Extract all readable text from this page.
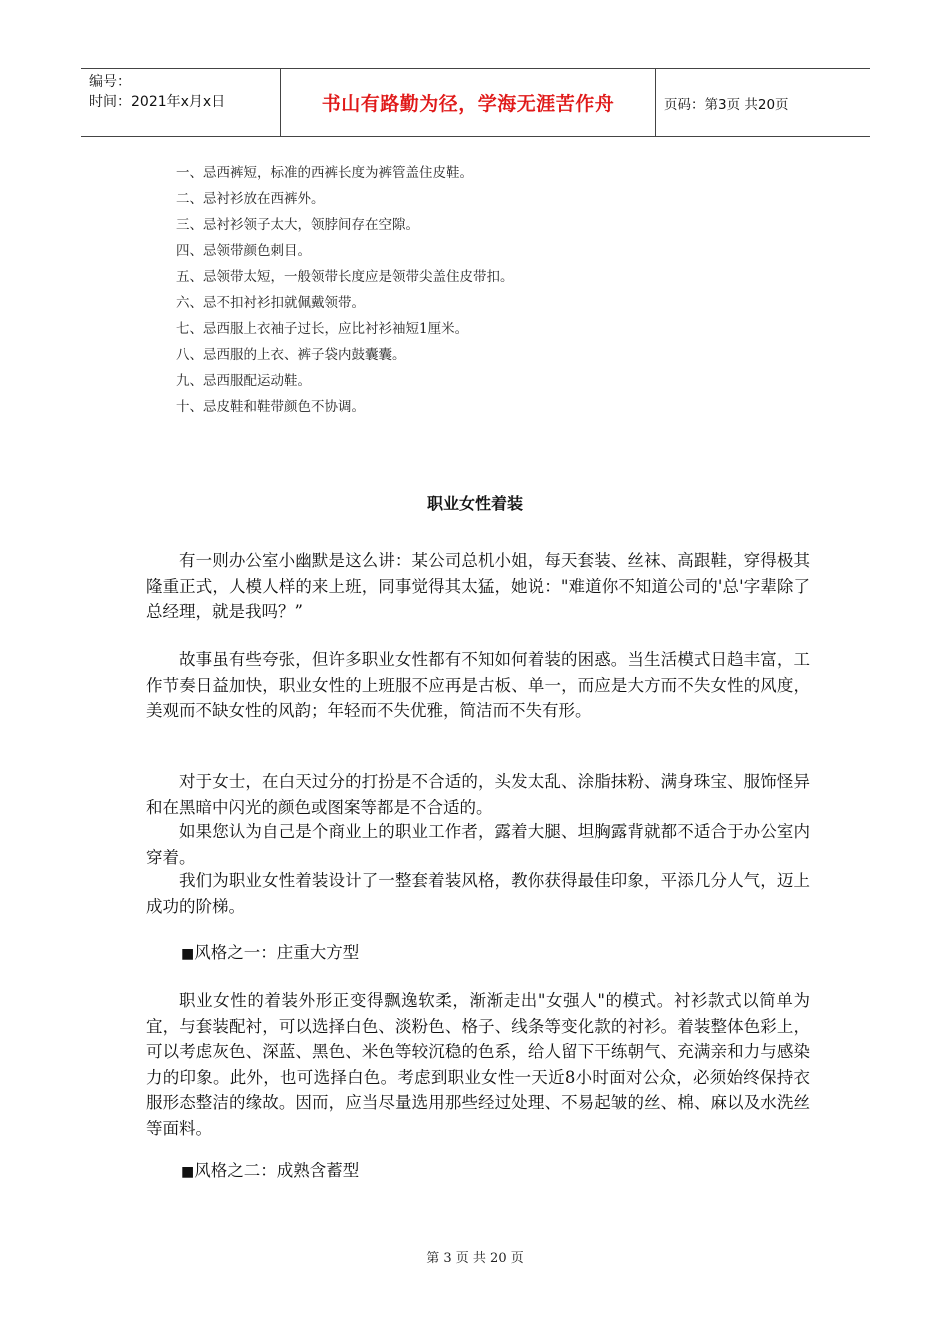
编号：
时间：2021年x月x日	书山有路勤为径，学海无涯苦作舟	页码：第3页 共20页
一、忌西裤短，标准的西裤长度为裤管盖住皮鞋。
二、忌衬衫放在西裤外。
三、忌衬衫领子太大，领脖间存在空隙。
四、忌领带颜色刺目。
五、忌领带太短，一般领带长度应是领带尖盖住皮带扣。
六、忌不扣衬衫扣就佩戴领带。
七、忌西服上衣袖子过长，应比衬衫袖短1厘米。
八、忌西服的上衣、裤子袋内鼓囊囊。
九、忌西服配运动鞋。
十、忌皮鞋和鞋带颜色不协调。
职业女性着装

有一则办公室小幽默是这么讲：某公司总机小姐，每天套装、丝袜、高跟鞋，穿得极其隆重正式，人模人样的来上班，同事觉得其太猛，她说："难道你不知道公司的'总'字辈除了总经理，就是我吗？”

故事虽有些夸张，但许多职业女性都有不知如何着装的困惑。当生活模式日趋丰富，工作节奏日益加快，职业女性的上班服不应再是古板、单一，而应是大方而不失女性的风度，美观而不缺女性的风韵；年轻而不失优雅，简洁而不失有形。

对于女士，在白天过分的打扮是不合适的，头发太乱、涂脂抹粉、满身珠宝、服饰怪异和在黑暗中闪光的颜色或图案等都是不合适的。

如果您认为自己是个商业上的职业工作者，露着大腿、坦胸露背就都不适合于办公室内穿着。

我们为职业女性着装设计了一整套着装风格，教你获得最佳印象，平添几分人气，迈上成功的阶梯。

■风格之一：庄重大方型

职业女性的着装外形正变得飘逸软柔，渐渐走出"女强人"的模式。衬衫款式以简单为宜，与套装配衬，可以选择白色、淡粉色、格子、线条等变化款的衬衫。着装整体色彩上，可以考虑灰色、深蓝、黑色、米色等较沉稳的色系，给人留下干练朝气、充满亲和力与感染力的印象。此外，也可选择白色。考虑到职业女性一天近8小时面对公众，必须始终保持衣服形态整洁的缘故。因而，应当尽量选用那些经过处理、不易起皱的丝、棉、麻以及水洗丝等面料。

■风格之二：成熟含蓄型

第 3 页 共 20 页
